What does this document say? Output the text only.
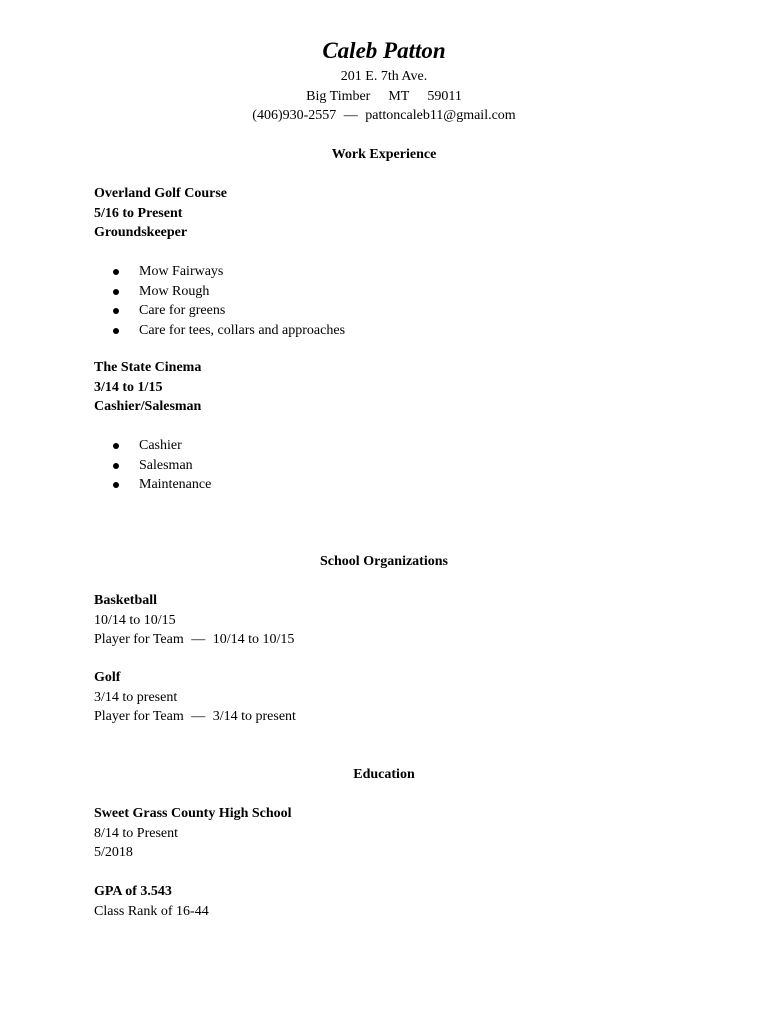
Caleb Patton
201 E. 7th Ave.
Big Timber MT 59011
(406)930-2557 — pattoncaleb11@gmail.com
Work Experience
Overland Golf Course
5/16 to Present
Groundskeeper
Mow Fairways
Mow Rough
Care for greens
Care for tees, collars and approaches
The State Cinema
3/14 to 1/15
Cashier/Salesman
Cashier
Salesman
Maintenance
School Organizations
Basketball
10/14 to 10/15
Player for Team — 10/14 to 10/15
Golf
3/14 to present
Player for Team — 3/14 to present
Education
Sweet Grass County High School
8/14 to Present
5/2018
GPA of 3.543
Class Rank of 16-44
